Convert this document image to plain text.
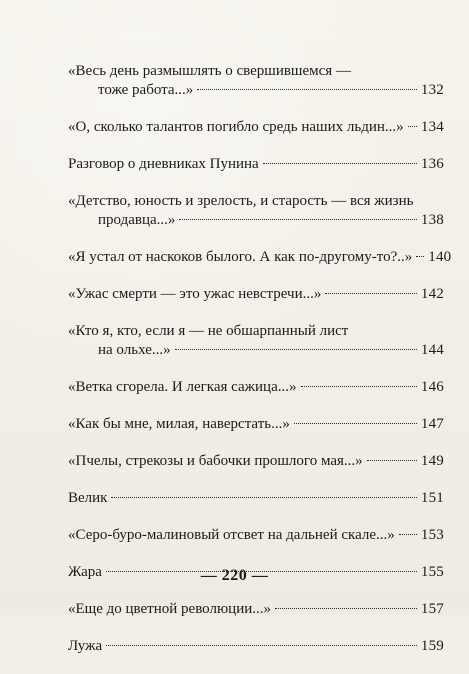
«Весь день размышлять о свершившемся —
тоже работа...»	132
«О, сколько талантов погибло средь наших льдин...» 134
Разговор о дневниках Пунина	136
«Детство, юность и зрелость, и старость — вся жизнь
продавца...»	138
«Я устал от наскоков былого. А как по-другому-то?..» 140
«Ужас смерти — это ужас невстречи...»	142
«Кто я, кто, если я — не обшарпанный лист
на ольхе...»	144
«Ветка сгорела. И легкая сажица...»	146
«Как бы мне, милая, наверстать...»	147
«Пчелы, стрекозы и бабочки прошлого мая...»	149
Велик	151
«Серо-буро-малиновый отсвет на дальней скале...» 153
Жара	155
«Еще до цветной революции...»	157
Лужа	159
— 220 —
